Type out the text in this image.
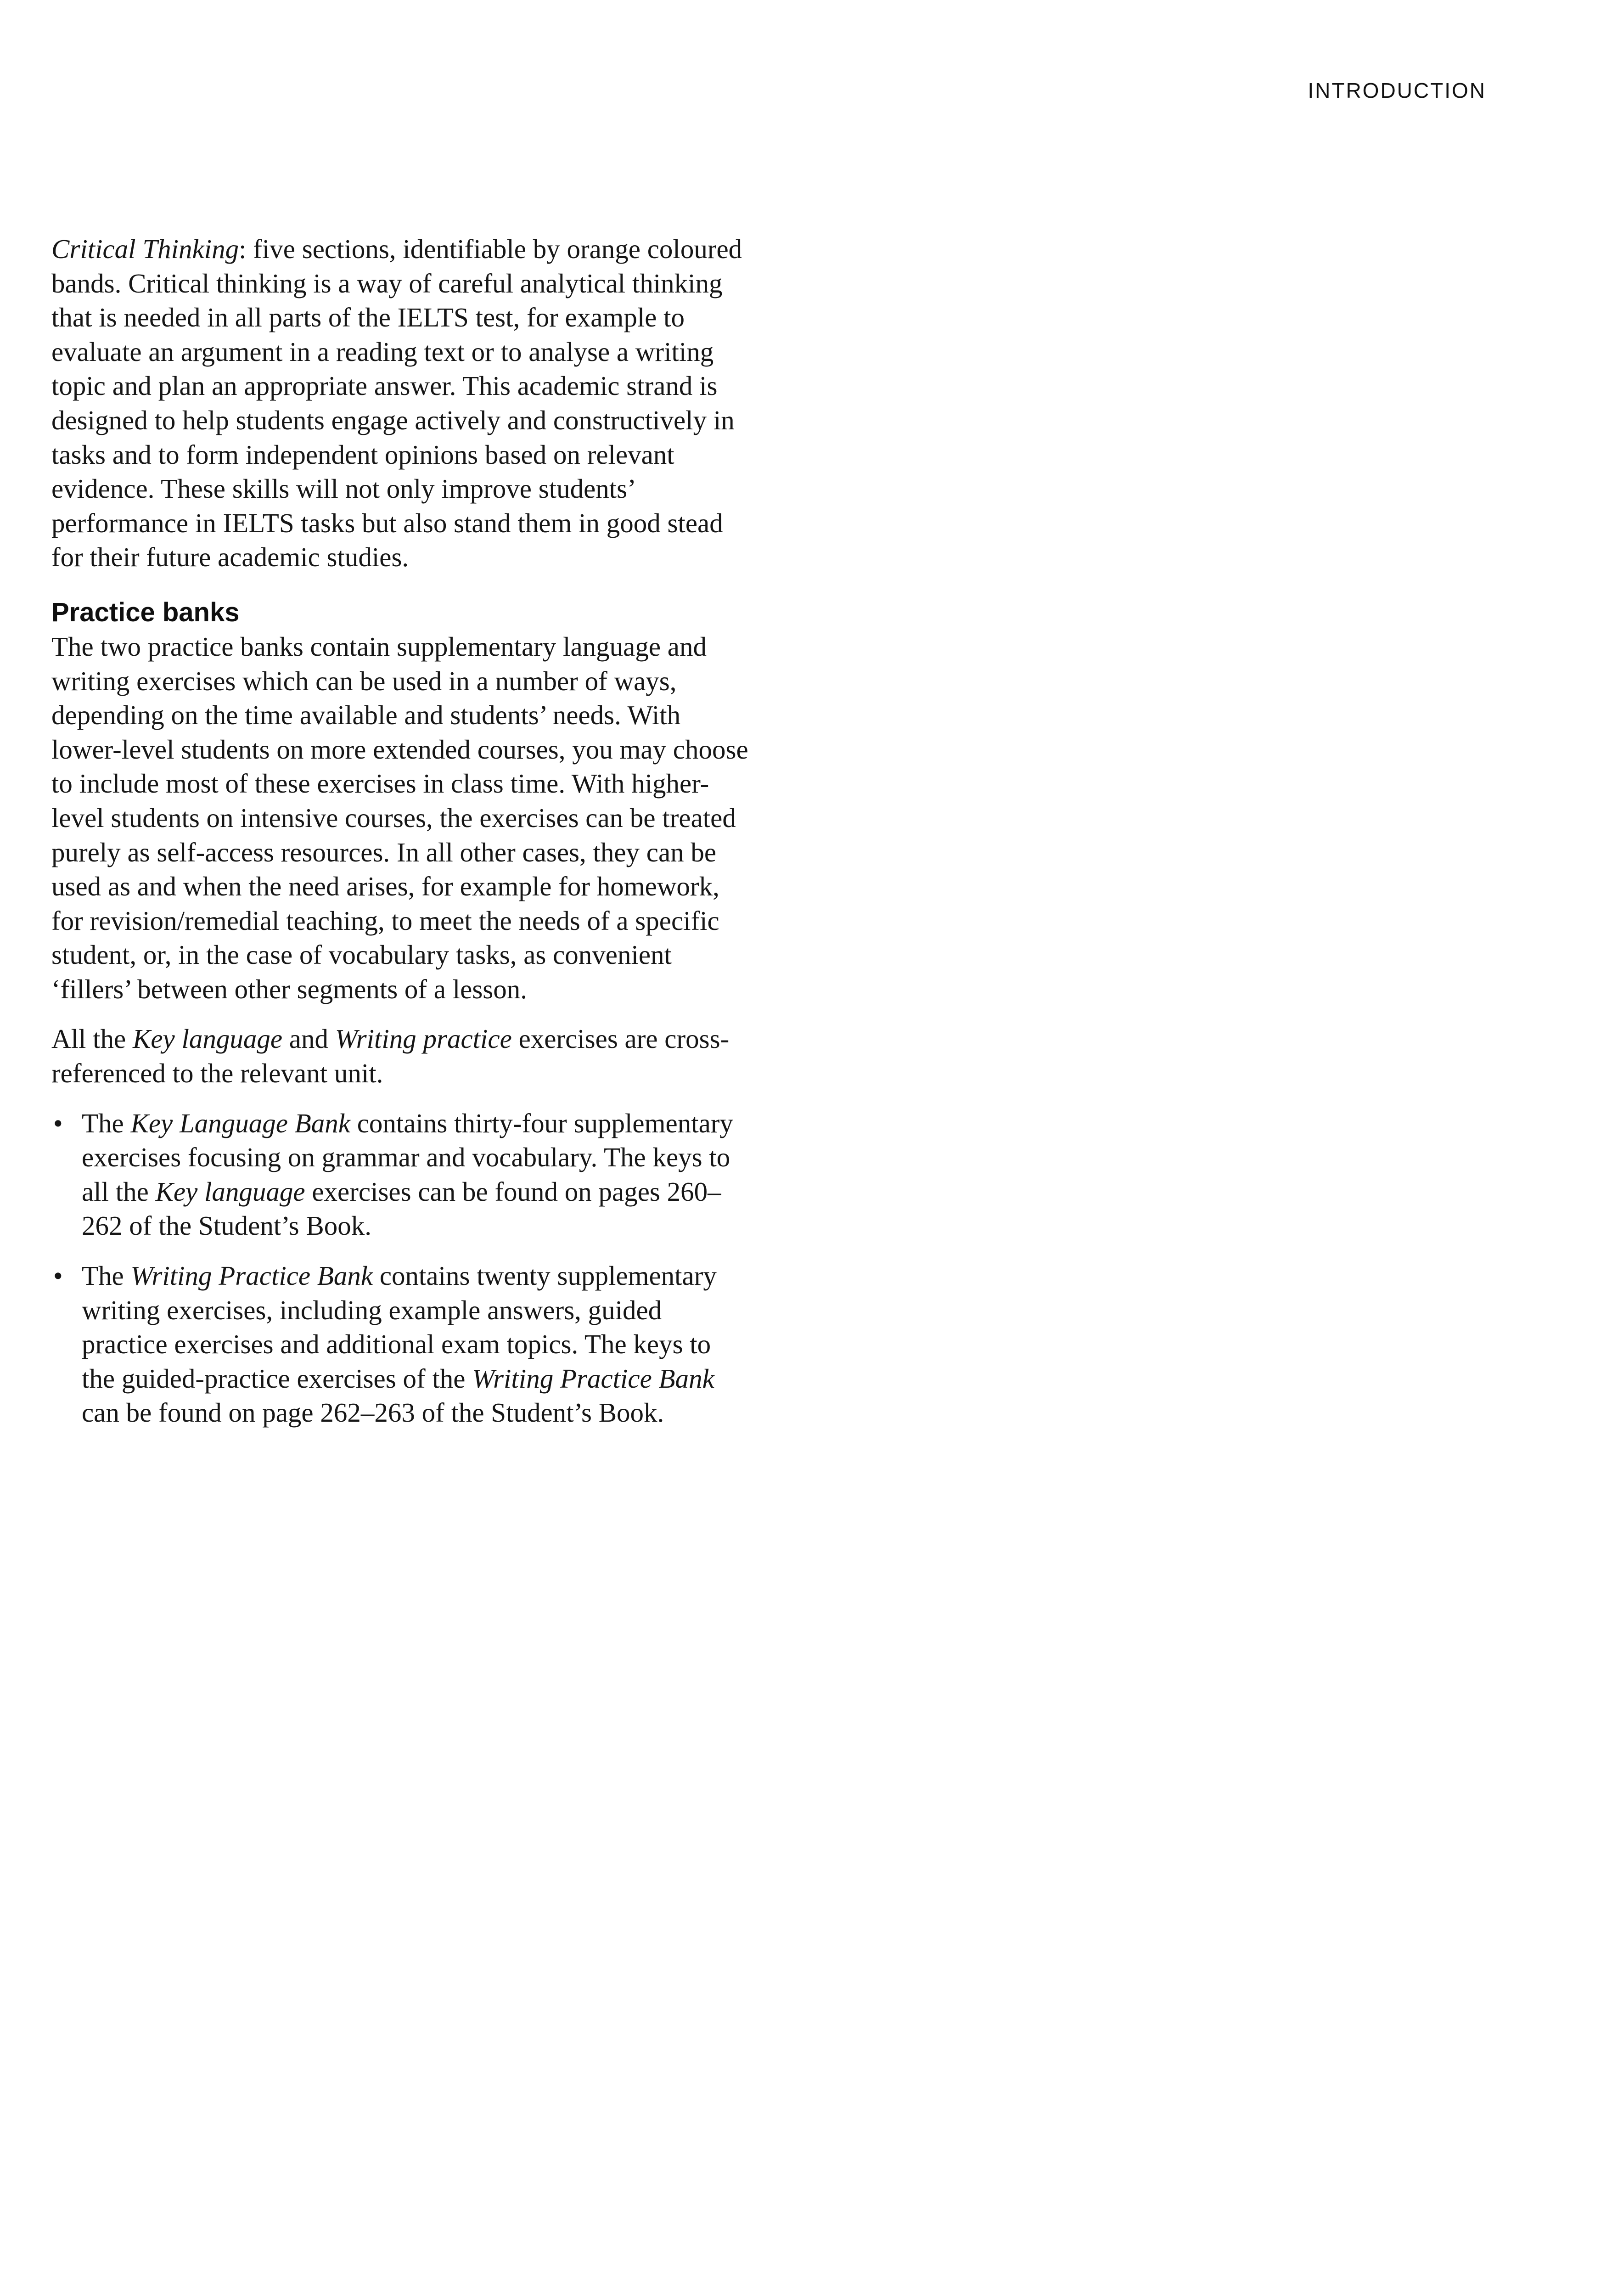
INTRODUCTION

Critical Thinking: five sections, identifiable by orange coloured bands. Critical thinking is a way of careful analytical thinking that is needed in all parts of the IELTS test, for example to evaluate an argument in a reading text or to analyse a writing topic and plan an appropriate answer. This academic strand is designed to help students engage actively and constructively in tasks and to form independent opinions based on relevant evidence. These skills will not only improve students’ performance in IELTS tasks but also stand them in good stead for their future academic studies.

Practice banks

The two practice banks contain supplementary language and writing exercises which can be used in a number of ways, depending on the time available and students’ needs. With lower-level students on more extended courses, you may choose to include most of these exercises in class time. With higher-level students on intensive courses, the exercises can be treated purely as self-access resources. In all other cases, they can be used as and when the need arises, for example for homework, for revision/remedial teaching, to meet the needs of a specific student, or, in the case of vocabulary tasks, as convenient ‘fillers’ between other segments of a lesson.

All the Key language and Writing practice exercises are cross-referenced to the relevant unit.

• The Key Language Bank contains thirty-four supplementary exercises focusing on grammar and vocabulary. The keys to all the Key language exercises can be found on pages 260–262 of the Student’s Book.
• The Writing Practice Bank contains twenty supplementary writing exercises, including example answers, guided practice exercises and additional exam topics. The keys to the guided-practice exercises of the Writing Practice Bank can be found on page 262–263 of the Student’s Book.
